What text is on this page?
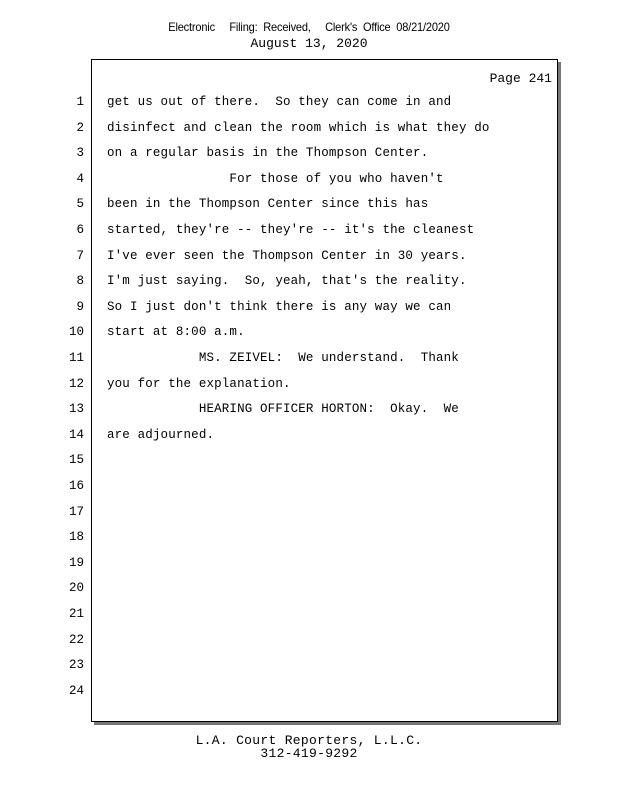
Electronic     Filing:  Received,     Clerk's  Office  08/21/2020
August 13, 2020
Page 241
1 get us out of there.  So they can come in and
2 disinfect and clean the room which is what they do
3 on a regular basis in the Thompson Center.
4 For those of you who haven't
5 been in the Thompson Center since this has
6 started, they're -- they're -- it's the cleanest
7 I've ever seen the Thompson Center in 30 years.
8 I'm just saying.  So, yeah, that's the reality.
9 So I just don't think there is any way we can
10 start at 8:00 a.m.
11 MS. ZEIVEL:  We understand.  Thank
12 you for the explanation.
13 HEARING OFFICER HORTON:  Okay.  We
14 are adjourned.
15
16
17
18
19
20
21
22
23
24
L.A. Court Reporters, L.L.C.
312-419-9292
